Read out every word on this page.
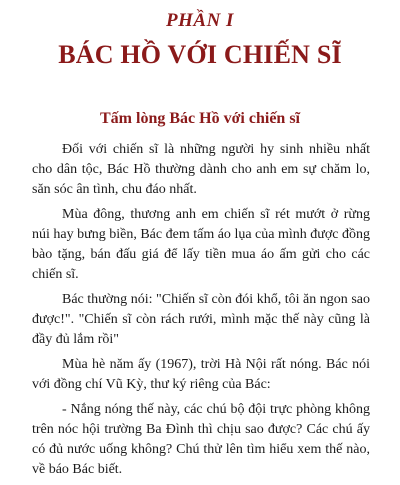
PHẦN I
BÁC HỒ VỚI CHIẾN SĨ
Tấm lòng Bác Hồ với chiến sĩ

Đối với chiến sĩ là những người hy sinh nhiều nhất cho dân tộc, Bác Hồ thường dành cho anh em sự chăm lo, săn sóc ân tình, chu đáo nhất.

Mùa đông, thương anh em chiến sĩ rét mướt ở rừng núi hay bưng biền, Bác đem tấm áo lụa của mình được đồng bào tặng, bán đấu giá để lấy tiền mua áo ấm gửi cho các chiến sĩ.

Bác thường nói: "Chiến sĩ còn đói khổ, tôi ăn ngon sao được!". "Chiến sĩ còn rách rưới, mình mặc thế này cũng là đầy đủ lắm rồi"

Mùa hè năm ấy (1967), trời Hà Nội rất nóng. Bác nói với đồng chí Vũ Kỳ, thư ký riêng của Bác:

- Nắng nóng thế này, các chú bộ đội trực phòng không trên nóc hội trường Ba Đình thì chịu sao được? Các chú ấy có đủ nước uống không? Chú thử lên tìm hiểu xem thế nào, về báo Bác biết.
